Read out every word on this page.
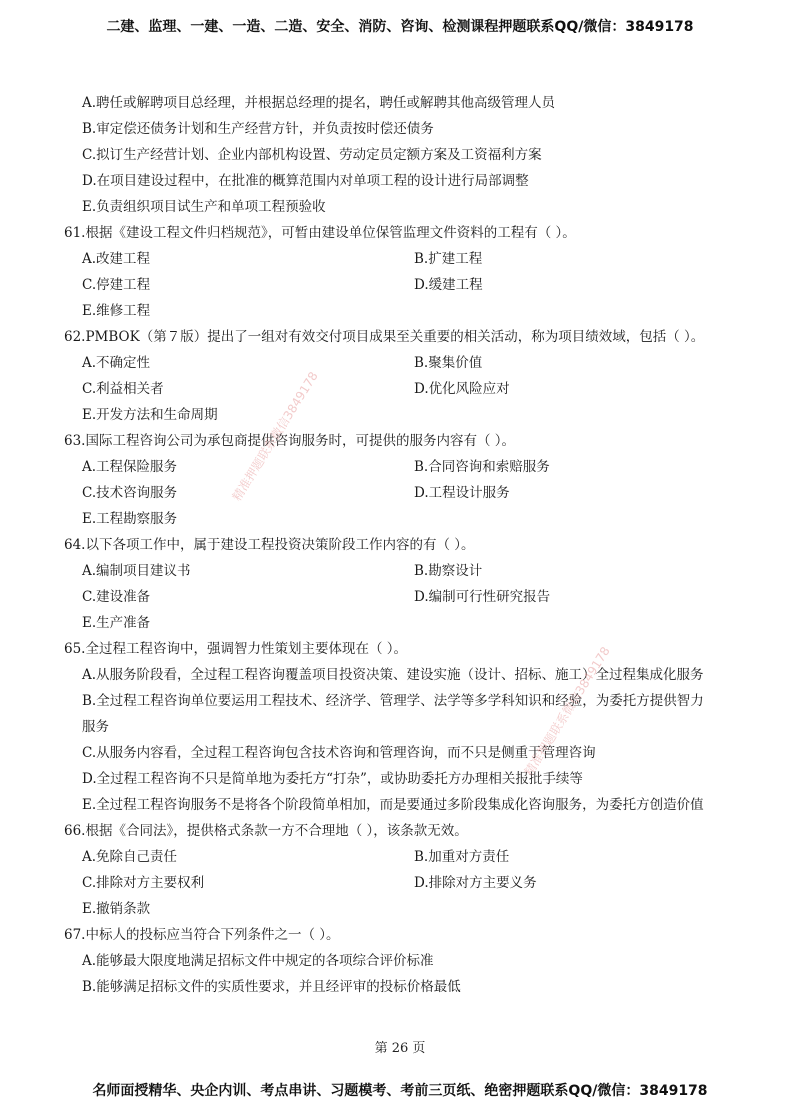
二建、监理、一建、一造、二造、安全、消防、咨询、检测课程押题联系QQ/微信：3849178
A.聘任或解聘项目总经理，并根据总经理的提名，聘任或解聘其他高级管理人员
B.审定偿还债务计划和生产经营方针，并负责按时偿还债务
C.拟订生产经营计划、企业内部机构设置、劳动定员定额方案及工资福利方案
D.在项目建设过程中，在批准的概算范围内对单项工程的设计进行局部调整
E.负责组织项目试生产和单项工程预验收
61.根据《建设工程文件归档规范》，可暂由建设单位保管监理文件资料的工程有（ ）。
A.改建工程	B.扩建工程
C.停建工程	D.缓建工程
E.维修工程
62.PMBOK（第７版）提出了一组对有效交付项目成果至关重要的相关活动，称为项目绩效域，包括（ ）。
A.不确定性	B.聚集价值
C.利益相关者	D.优化风险应对
E.开发方法和生命周期
63.国际工程咨询公司为承包商提供咨询服务时，可提供的服务内容有（ ）。
A.工程保险服务	B.合同咨询和索赔服务
C.技术咨询服务	D.工程设计服务
E.工程勘察服务
64.以下各项工作中，属于建设工程投资决策阶段工作内容的有（ ）。
A.编制项目建议书	B.勘察设计
C.建设准备	D.编制可行性研究报告
E.生产准备
65.全过程工程咨询中，强调智力性策划主要体现在（ ）。
A.从服务阶段看，全过程工程咨询覆盖项目投资决策、建设实施（设计、招标、施工）全过程集成化服务
B.全过程工程咨询单位要运用工程技术、经济学、管理学、法学等多学科知识和经验，为委托方提供智力
服务
C.从服务内容看，全过程工程咨询包含技术咨询和管理咨询，而不只是侧重于管理咨询
D.全过程工程咨询不只是简单地为委托方“打杂”，或协助委托方办理相关报批手续等
E.全过程工程咨询服务不是将各个阶段简单相加，而是要通过多阶段集成化咨询服务，为委托方创造价值
66.根据《合同法》，提供格式条款一方不合理地（ ），该条款无效。
A.免除自己责任	B.加重对方责任
C.排除对方主要权利	D.排除对方主要义务
E.撤销条款
67.中标人的投标应当符合下列条件之一（ ）。
A.能够最大限度地满足招标文件中规定的各项综合评价标准
B.能够满足招标文件的实质性要求，并且经评审的投标价格最低
精准押题联系微信3849178
精准押题联系微信3849178
第 26 页
名师面授精华、央企内训、考点串讲、习题模考、考前三页纸、绝密押题联系QQ/微信：3849178
